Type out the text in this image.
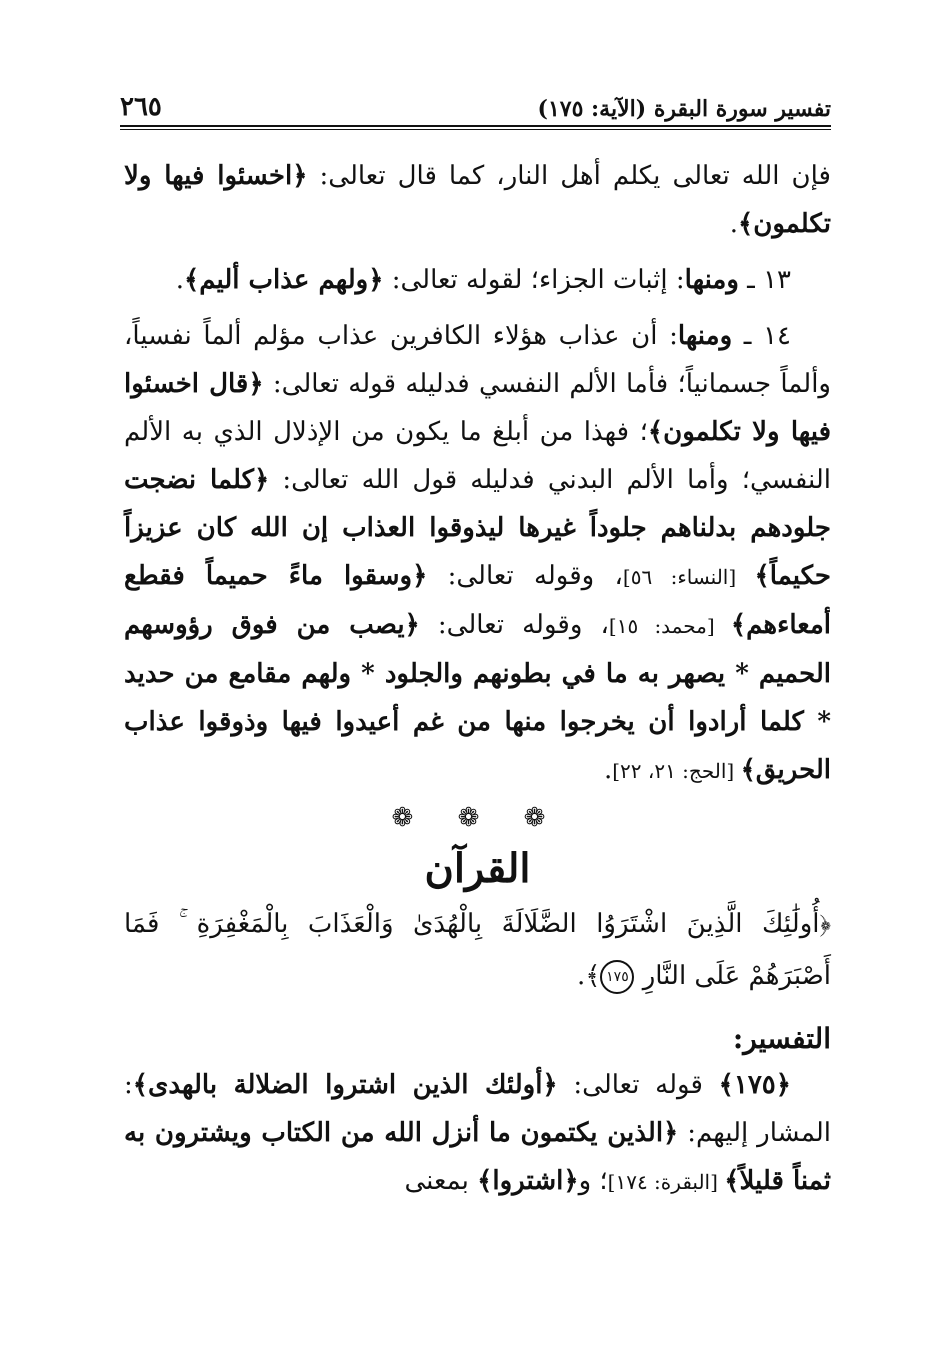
تفسير سورة البقرة (الآية: ١٧٥)
٢٦٥

فإن الله تعالى يكلم أهل النار، كما قال تعالى: ﴿اخسئوا فيها ولا تكلمون﴾.

١٣ ـ ومنها: إثبات الجزاء؛ لقوله تعالى: ﴿ولهم عذاب أليم﴾.

١٤ ـ ومنها: أن عذاب هؤلاء الكافرين عذاب مؤلم ألماً نفسياً، وألماً جسمانياً؛ فأما الألم النفسي فدليله قوله تعالى: ﴿قال اخسئوا فيها ولا تكلمون﴾؛ فهذا من أبلغ ما يكون من الإذلال الذي به الألم النفسي؛ وأما الألم البدني فدليله قول الله تعالى: ﴿كلما نضجت جلودهم بدلناهم جلوداً غيرها ليذوقوا العذاب إن الله كان عزيزاً حكيماً﴾ [النساء: ٥٦]، وقوله تعالى: ﴿وسقوا ماءً حميماً فقطع أمعاءهم﴾ [محمد: ١٥]، وقوله تعالى: ﴿يصب من فوق رؤوسهم الحميم * يصهر به ما في بطونهم والجلود * ولهم مقامع من حديد * كلما أرادوا أن يخرجوا منها من غم أعيدوا فيها وذوقوا عذاب الحريق﴾ [الحج: ٢١، ٢٢].

❁ ❁ ❁
القرآن

﴿أُولَٰئِكَ الَّذِينَ اشْتَرَوُا الضَّلَالَةَ بِالْهُدَىٰ وَالْعَذَابَ بِالْمَغْفِرَةِ ۚ فَمَا أَصْبَرَهُمْ عَلَى النَّارِ ١٧٥﴾.

التفسير:

﴿١٧٥﴾ قوله تعالى: ﴿أولئك الذين اشتروا الضلالة بالهدى﴾: المشار إليهم: ﴿الذين يكتمون ما أنزل الله من الكتاب ويشترون به ثمناً قليلاً﴾ [البقرة: ١٧٤]؛ و﴿اشتروا﴾ بمعنى
